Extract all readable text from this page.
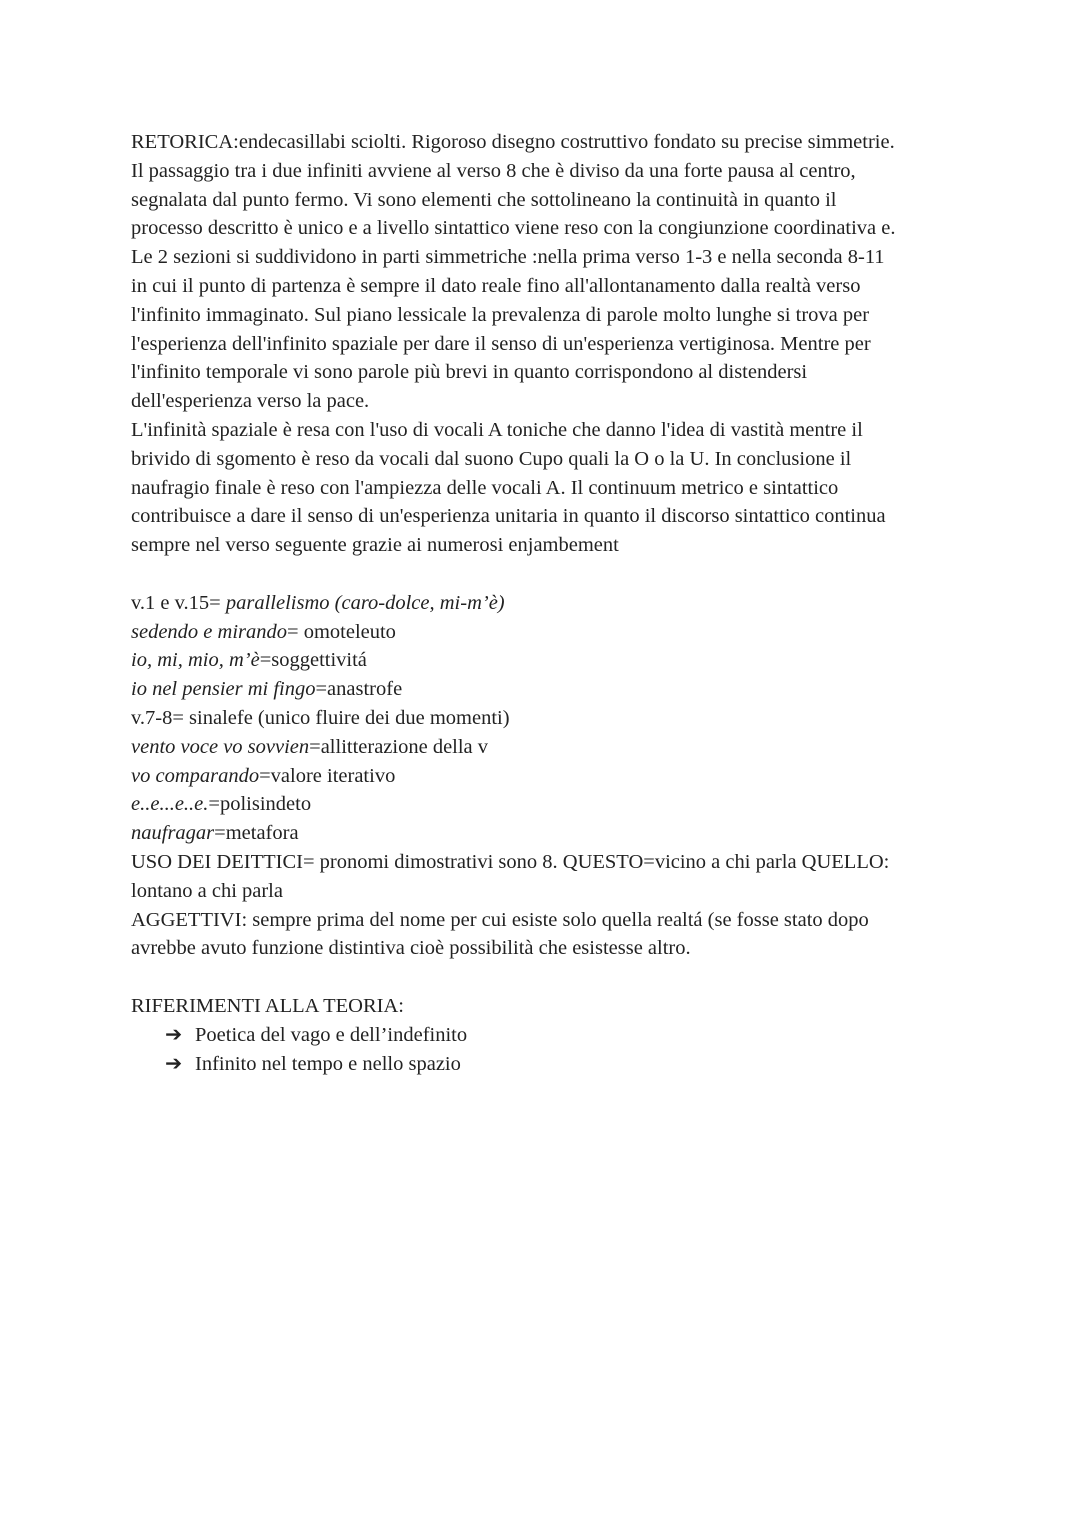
RETORICA:endecasillabi sciolti. Rigoroso disegno costruttivo fondato su precise simmetrie.
Il passaggio tra i due infiniti avviene al verso 8 che è diviso da una forte pausa al centro,
segnalata dal punto fermo. Vi sono elementi che sottolineano la continuità in quanto il
processo descritto è unico e a livello sintattico viene reso con la congiunzione coordinativa e.
Le 2 sezioni si suddividono in parti simmetriche :nella prima verso 1-3 e nella seconda 8-11
in cui il punto di partenza è sempre il dato reale fino all'allontanamento dalla realtà verso
l'infinito immaginato. Sul piano lessicale la prevalenza di parole molto lunghe si trova per
l'esperienza dell'infinito spaziale per dare il senso di un'esperienza vertiginosa. Mentre per
l'infinito temporale vi sono parole più brevi in quanto corrispondono al distendersi
dell'esperienza verso la pace.
L'infinità spaziale è resa con l'uso di vocali A toniche che danno l'idea di vastità mentre il
brivido di sgomento è reso da vocali dal suono Cupo quali la O o la U. In conclusione il
naufragio finale è reso con l'ampiezza delle vocali A. Il continuum metrico e sintattico
contribuisce a dare il senso di un'esperienza unitaria in quanto il discorso sintattico continua
sempre nel verso seguente grazie ai numerosi enjambement
v.1 e v.15= parallelismo (caro-dolce, mi-m’è)
sedendo e mirando= omoteleuto
io, mi, mio, m’è=soggettivitá
io nel pensier mi fingo=anastrofe
v.7-8= sinalefe (unico fluire dei due momenti)
vento voce vo sovvien=allitterazione della v
vo comparando=valore iterativo
e..e...e..e.=polisindeto
naufragar=metafora
USO DEI DEITTICI= pronomi dimostrativi sono 8. QUESTO=vicino a chi parla QUELLO:
lontano a chi parla
AGGETTIVI: sempre prima del nome per cui esiste solo quella realtá (se fosse stato dopo
avrebbe avuto funzione distintiva cioè possibilità che esistesse altro.
RIFERIMENTI ALLA TEORIA:
➔ Poetica del vago e dell’indefinito
➔ Infinito nel tempo e nello spazio
